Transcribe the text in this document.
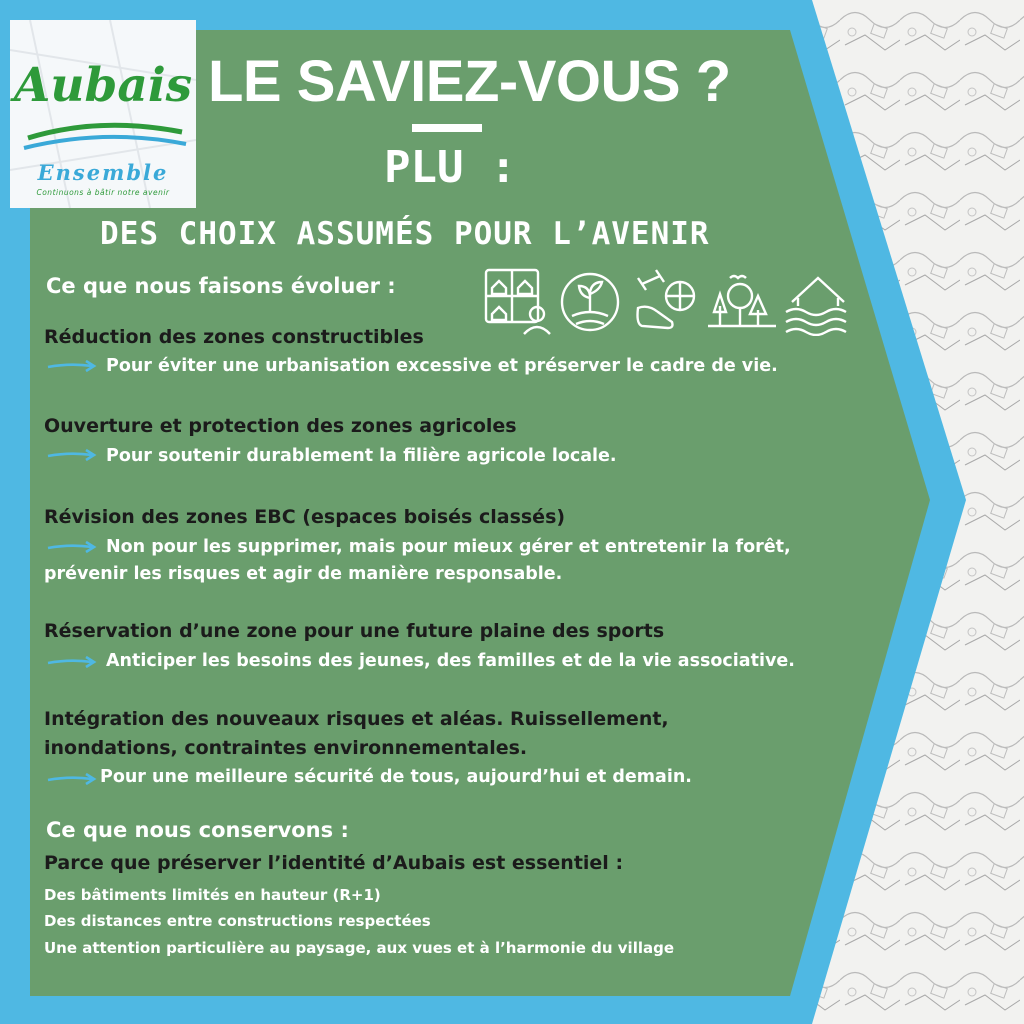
Aubais
Ensemble
Continuons à bâtir notre avenir
LE SAVIEZ-VOUS ?
PLU :
DES CHOIX ASSUMÉS POUR L’AVENIR
Ce que nous faisons évoluer :
Réduction des zones constructibles
Pour éviter une urbanisation excessive et préserver le cadre de vie.
Ouverture et protection des zones agricoles
Pour soutenir durablement la filière agricole locale.
Révision des zones EBC (espaces boisés classés)
Non pour les supprimer, mais pour mieux gérer et entretenir la forêt,
prévenir les risques et agir de manière responsable.
Réservation d’une zone pour une future plaine des sports
Anticiper les besoins des jeunes, des familles et de la vie associative.
Intégration des nouveaux risques et aléas. Ruissellement,
inondations, contraintes environnementales.
Pour une meilleure sécurité de tous, aujourd’hui et demain.
Ce que nous conservons :
Parce que préserver l’identité d’Aubais est essentiel :
Des bâtiments limités en hauteur (R+1)
Des distances entre constructions respectées
Une attention particulière au paysage, aux vues et à l’harmonie du village
